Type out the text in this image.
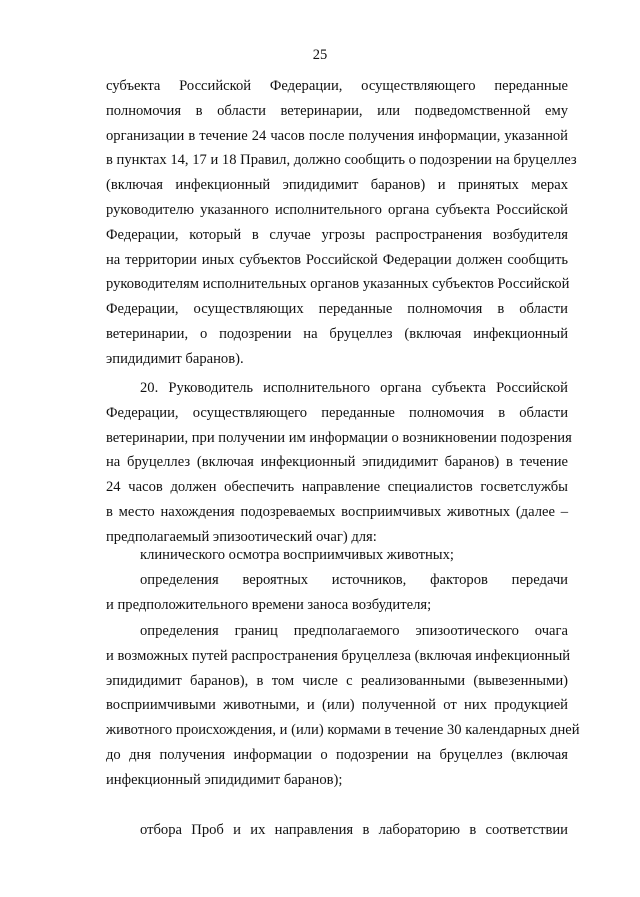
25
субъекта Российской Федерации, осуществляющего переданные
полномочия в области ветеринарии, или подведомственной ему
организации в течение 24 часов после получения информации, указанной
в пунктах 14, 17 и 18 Правил, должно сообщить о подозрении на бруцеллез
(включая инфекционный эпидидимит баранов) и принятых мерах
руководителю указанного исполнительного органа субъекта Российской
Федерации, который в случае угрозы распространения возбудителя
на территории иных субъектов Российской Федерации должен сообщить
руководителям исполнительных органов указанных субъектов Российской
Федерации, осуществляющих переданные полномочия в области
ветеринарии, о подозрении на бруцеллез (включая инфекционный
эпидидимит баранов).
20. Руководитель исполнительного органа субъекта Российской
Федерации, осуществляющего переданные полномочия в области
ветеринарии, при получении им информации о возникновении подозрения
на бруцеллез (включая инфекционный эпидидимит баранов) в течение
24 часов должен обеспечить направление специалистов госветслужбы
в место нахождения подозреваемых восприимчивых животных (далее –
предполагаемый эпизоотический очаг) для:
клинического осмотра восприимчивых животных;
определения вероятных источников, факторов передачи
и предположительного времени заноса возбудителя;
определения границ предполагаемого эпизоотического очага
и возможных путей распространения бруцеллеза (включая инфекционный
эпидидимит баранов), в том числе с реализованными (вывезенными)
восприимчивыми животными, и (или) полученной от них продукцией
животного происхождения, и (или) кормами в течение 30 календарных дней
до дня получения информации о подозрении на бруцеллез (включая
инфекционный эпидидимит баранов);
отбора Проб и их направления в лабораторию в соответствии
